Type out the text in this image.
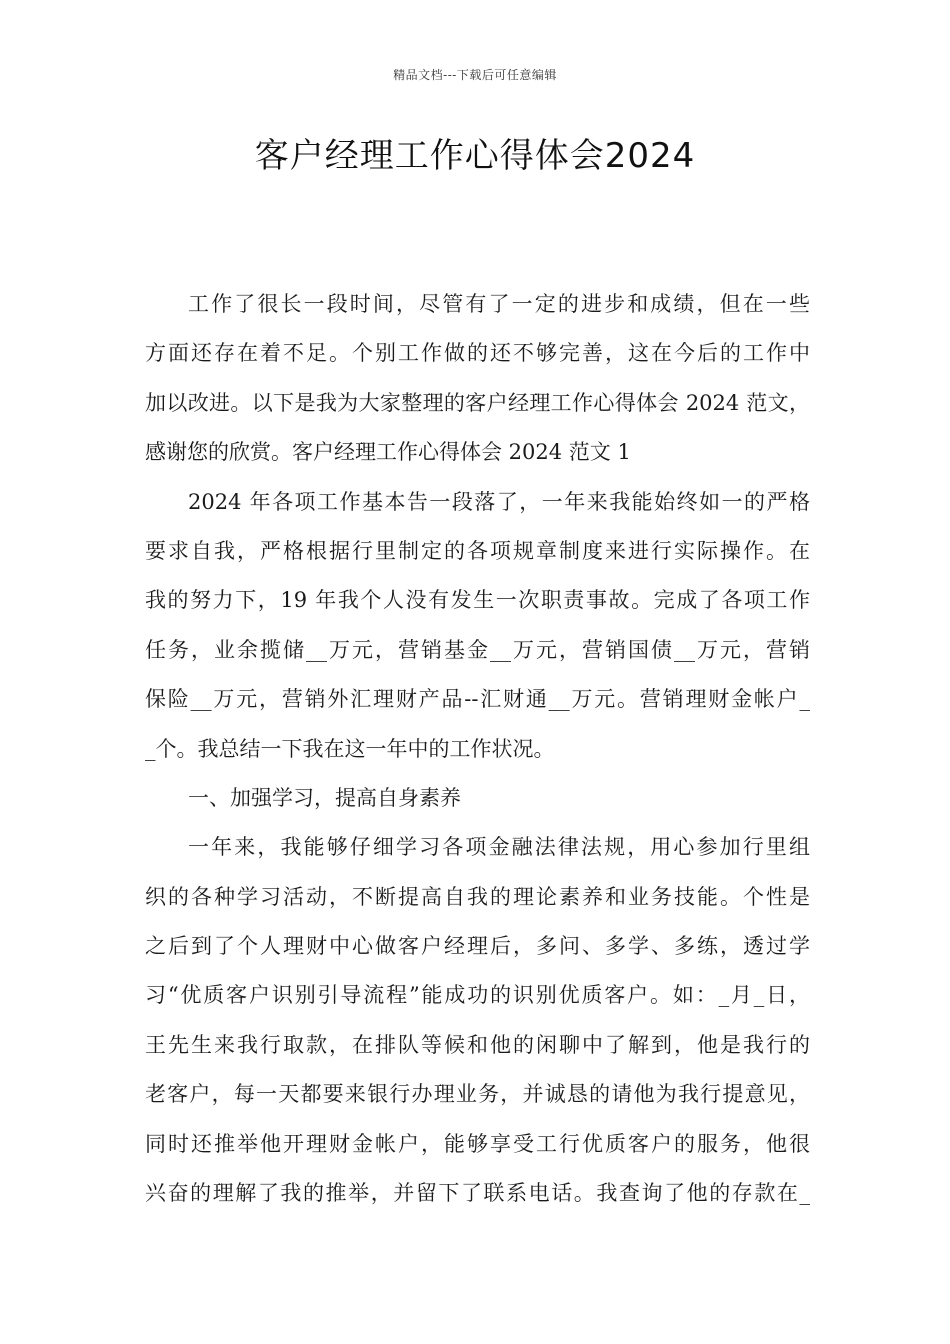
精品文档---下载后可任意编辑
客户经理工作心得体会2024
工作了很长一段时间，尽管有了一定的进步和成绩，但在一些
方面还存在着不足。个别工作做的还不够完善，这在今后的工作中
加以改进。以下是我为大家整理的客户经理工作心得体会 2024 范文，
感谢您的欣赏。客户经理工作心得体会 2024 范文 1
2024 年各项工作基本告一段落了，一年来我能始终如一的严格
要求自我，严格根据行里制定的各项规章制度来进行实际操作。在
我的努力下，19 年我个人没有发生一次职责事故。完成了各项工作
任务，业余揽储__万元，营销基金__万元，营销国债__万元，营销
保险__万元，营销外汇理财产品--汇财通__万元。营销理财金帐户_
_个。我总结一下我在这一年中的工作状况。
一、加强学习，提高自身素养
一年来，我能够仔细学习各项金融法律法规，用心参加行里组
织的各种学习活动，不断提高自我的理论素养和业务技能。个性是
之后到了个人理财中心做客户经理后，多问、多学、多练，透过学
习“优质客户识别引导流程”能成功的识别优质客户。如：_月_日，
王先生来我行取款，在排队等候和他的闲聊中了解到，他是我行的
老客户，每一天都要来银行办理业务，并诚恳的请他为我行提意见，
同时还推举他开理财金帐户，能够享受工行优质客户的服务，他很
兴奋的理解了我的推举，并留下了联系电话。我查询了他的存款在_
